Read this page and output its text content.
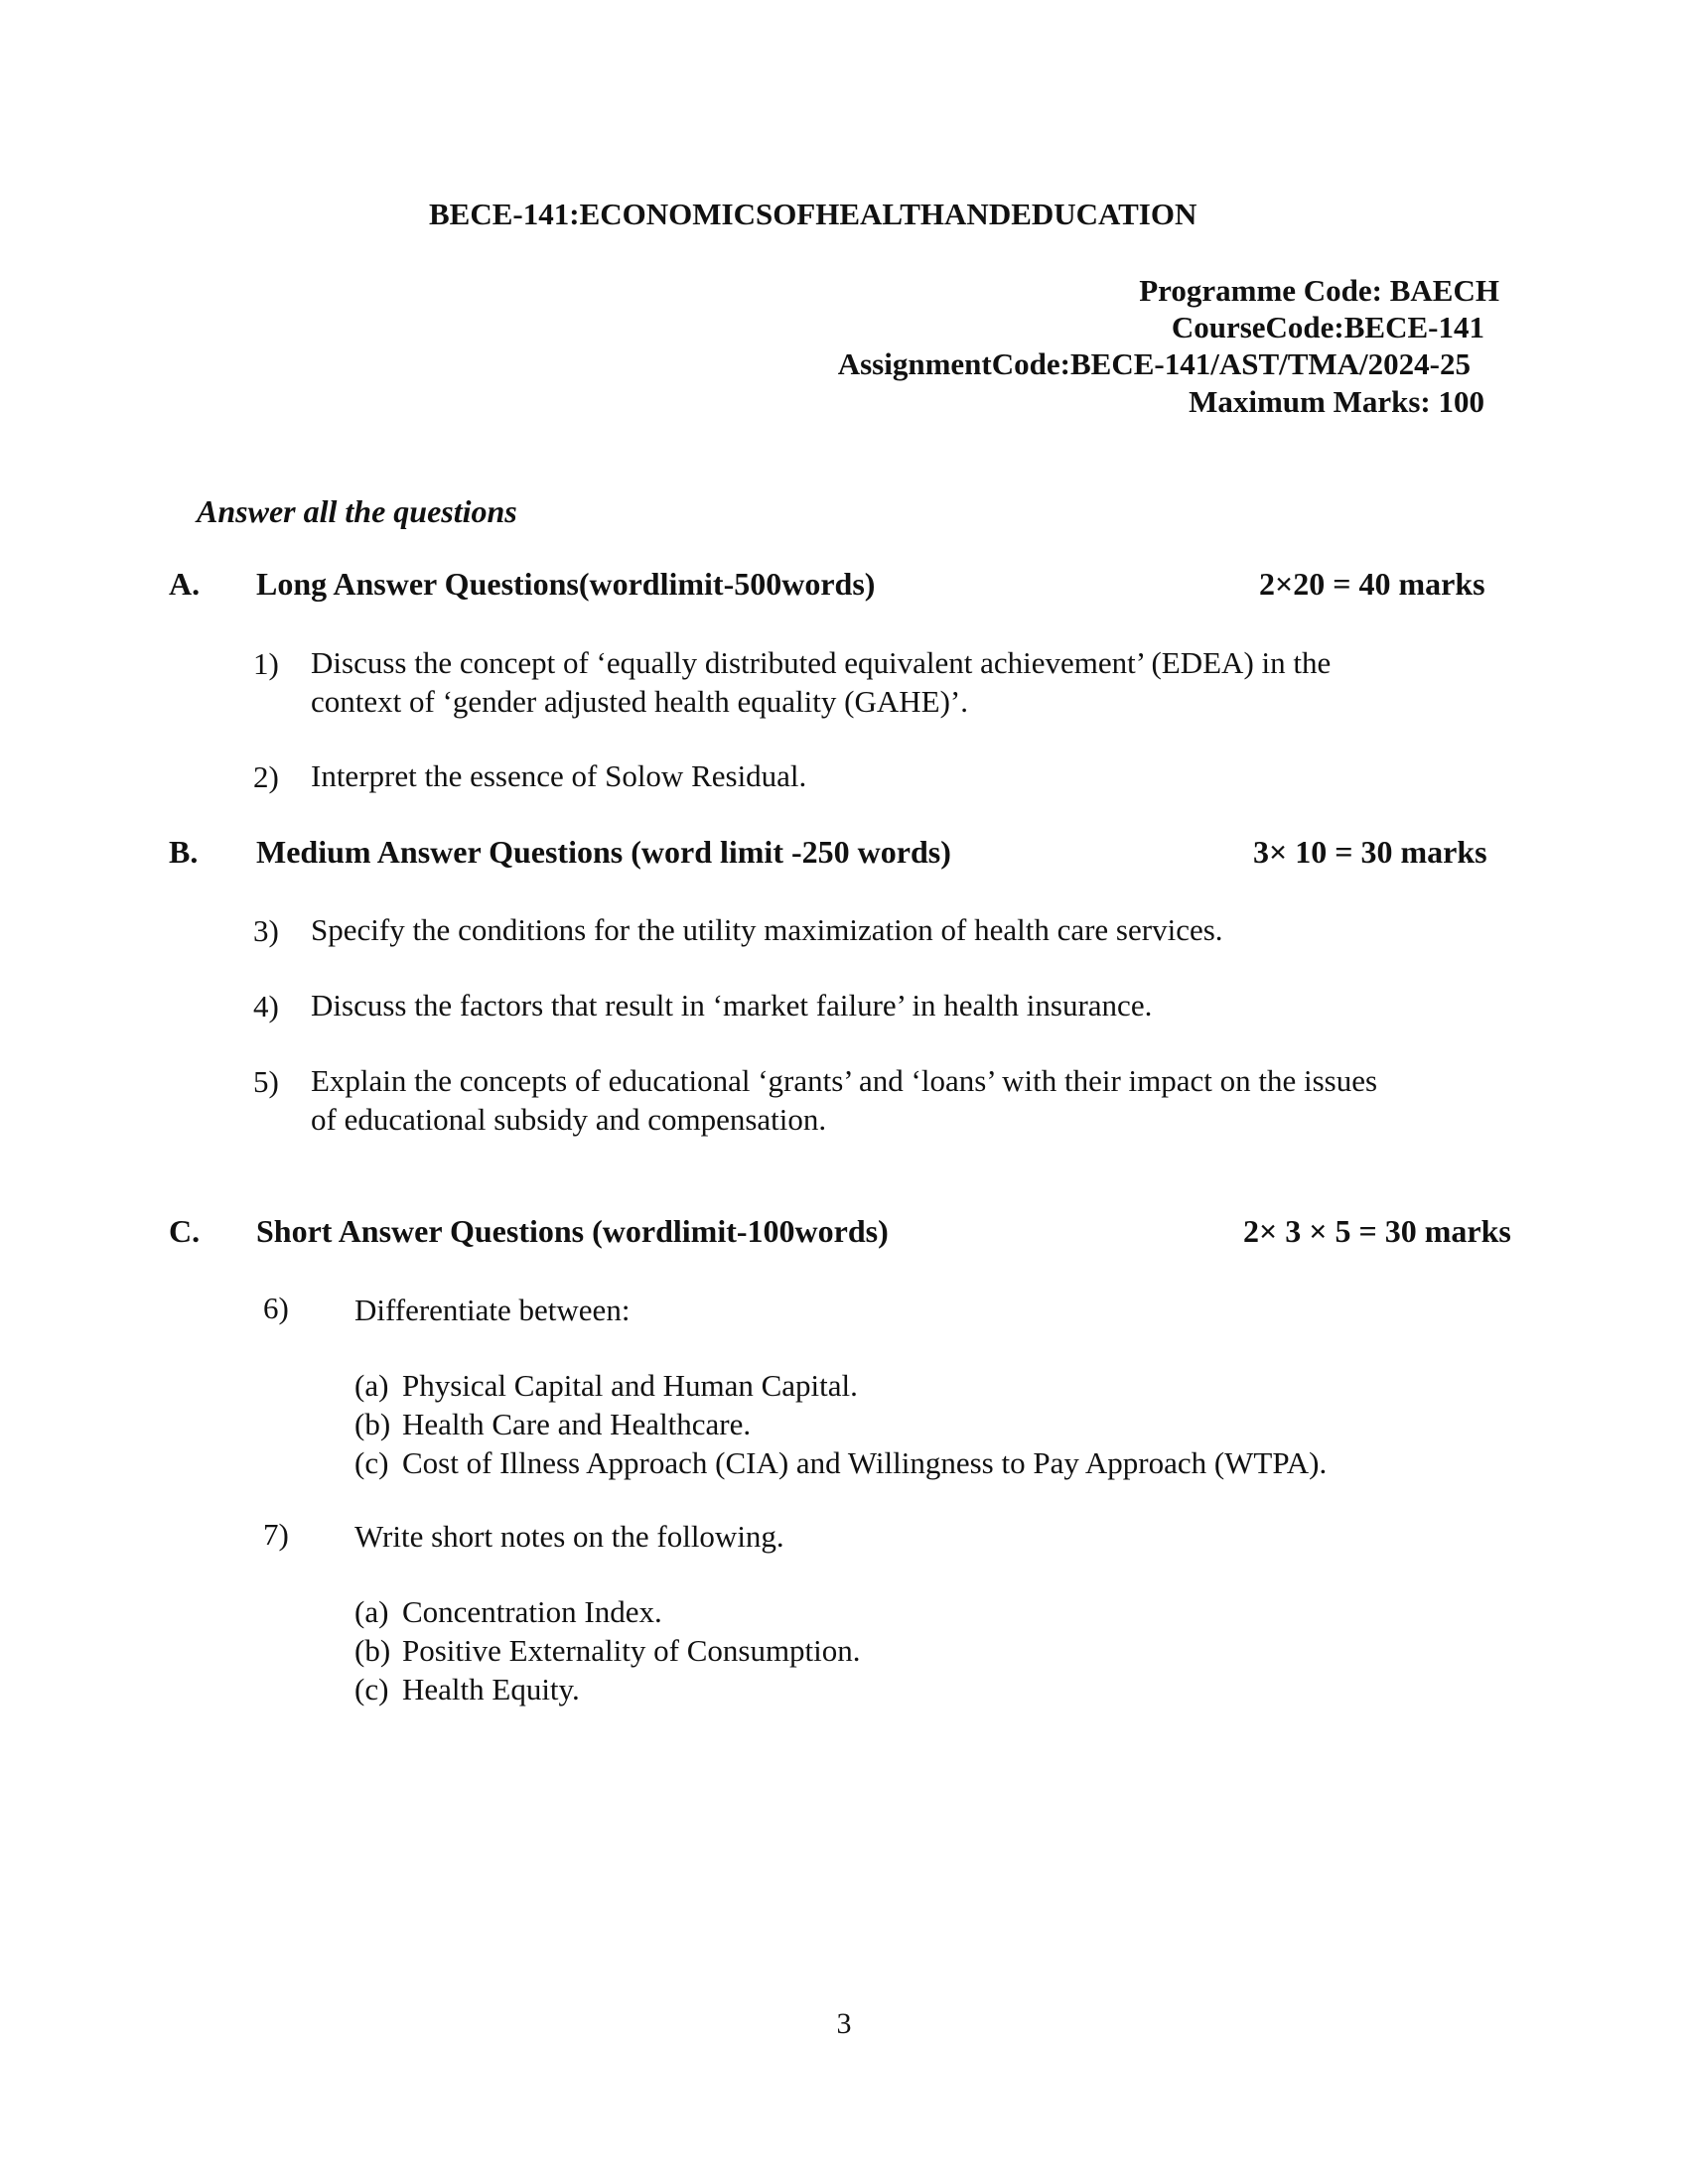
BECE-141:ECONOMICSOFHEALTHANDEDUCATION
Programme Code: BAECH
CourseCode:BECE-141
AssignmentCode:BECE-141/AST/TMA/2024-25
Maximum Marks: 100
Answer all the questions
A. Long Answer Questions(wordlimit-500words)	2×20 = 40 marks
1) Discuss the concept of ‘equally distributed equivalent achievement’ (EDEA) in the
context of ‘gender adjusted health equality (GAHE)’.
2) Interpret the essence of Solow Residual.
B. Medium Answer Questions (word limit -250 words)	3× 10 = 30 marks
3) Specify the conditions for the utility maximization of health care services.
4) Discuss the factors that result in ‘market failure’ in health insurance.
5) Explain the concepts of educational ‘grants’ and ‘loans’ with their impact on the issues
of educational subsidy and compensation.
C. Short Answer Questions (wordlimit-100words)	2× 3 × 5 = 30 marks
6) Differentiate between:
(a) Physical Capital and Human Capital.
(b) Health Care and Healthcare.
(c) Cost of Illness Approach (CIA) and Willingness to Pay Approach (WTPA).
7) Write short notes on the following.
(a) Concentration Index.
(b) Positive Externality of Consumption.
(c) Health Equity.
3
